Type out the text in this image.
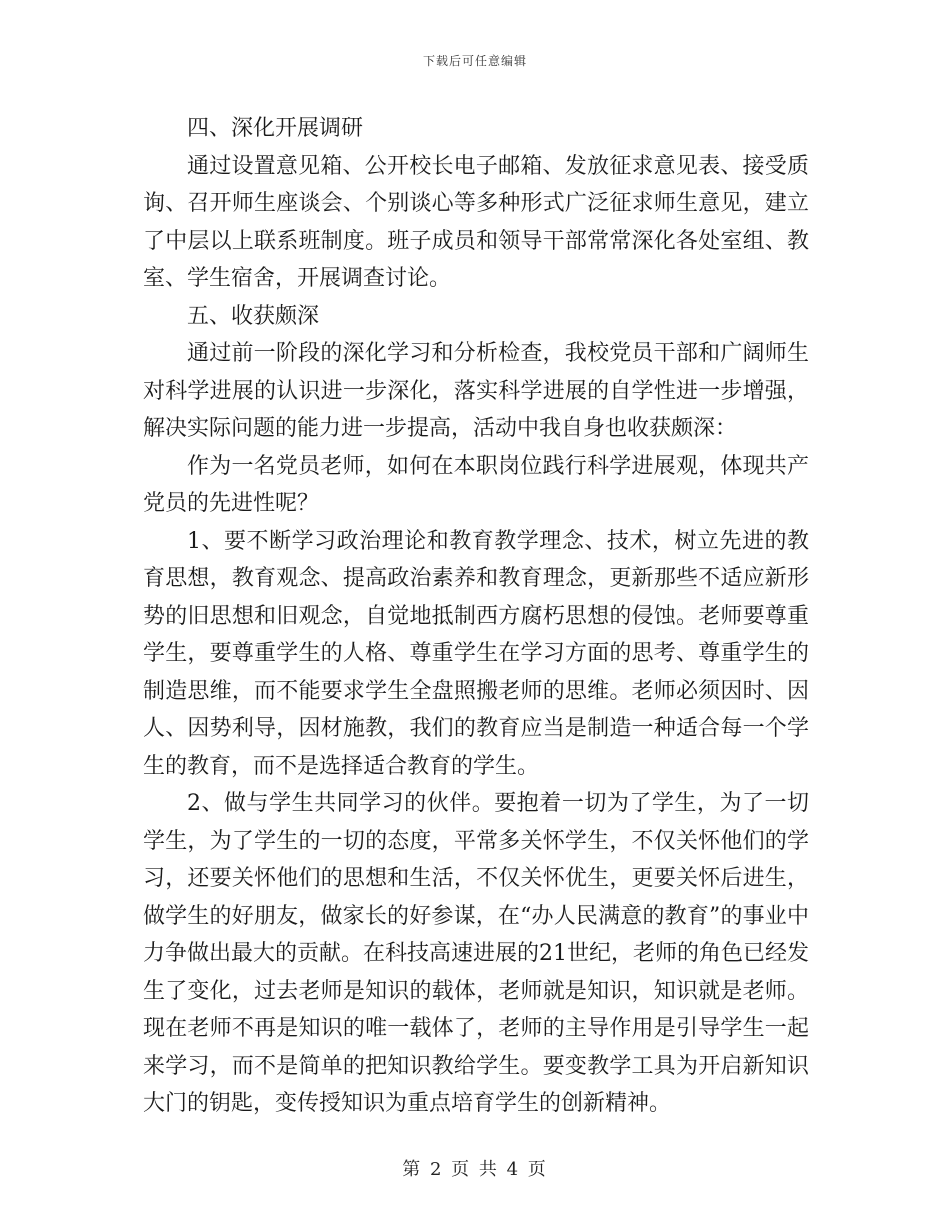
下载后可任意编辑

四、深化开展调研

通过设置意见箱、公开校长电子邮箱、发放征求意见表、接受质询、召开师生座谈会、个别谈心等多种形式广泛征求师生意见，建立了中层以上联系班制度。班子成员和领导干部常常深化各处室组、教室、学生宿舍，开展调查讨论。

五、收获颇深

通过前一阶段的深化学习和分析检查，我校党员干部和广阔师生对科学进展的认识进一步深化，落实科学进展的自学性进一步增强，解决实际问题的能力进一步提高，活动中我自身也收获颇深：

作为一名党员老师，如何在本职岗位践行科学进展观，体现共产党员的先进性呢？

1、要不断学习政治理论和教育教学理念、技术，树立先进的教育思想，教育观念、提高政治素养和教育理念，更新那些不适应新形势的旧思想和旧观念，自觉地抵制西方腐朽思想的侵蚀。老师要尊重学生，要尊重学生的人格、尊重学生在学习方面的思考、尊重学生的制造思维，而不能要求学生全盘照搬老师的思维。老师必须因时、因人、因势利导，因材施教，我们的教育应当是制造一种适合每一个学生的教育，而不是选择适合教育的学生。

2、做与学生共同学习的伙伴。要抱着一切为了学生，为了一切学生，为了学生的一切的态度，平常多关怀学生，不仅关怀他们的学习，还要关怀他们的思想和生活，不仅关怀优生，更要关怀后进生，做学生的好朋友，做家长的好参谋，在“办人民满意的教育”的事业中力争做出最大的贡献。在科技高速进展的21世纪，老师的角色已经发生了变化，过去老师是知识的载体，老师就是知识，知识就是老师。现在老师不再是知识的唯一载体了，老师的主导作用是引导学生一起来学习，而不是简单的把知识教给学生。要变教学工具为开启新知识大门的钥匙，变传授知识为重点培育学生的创新精神。

第 2 页 共 4 页
